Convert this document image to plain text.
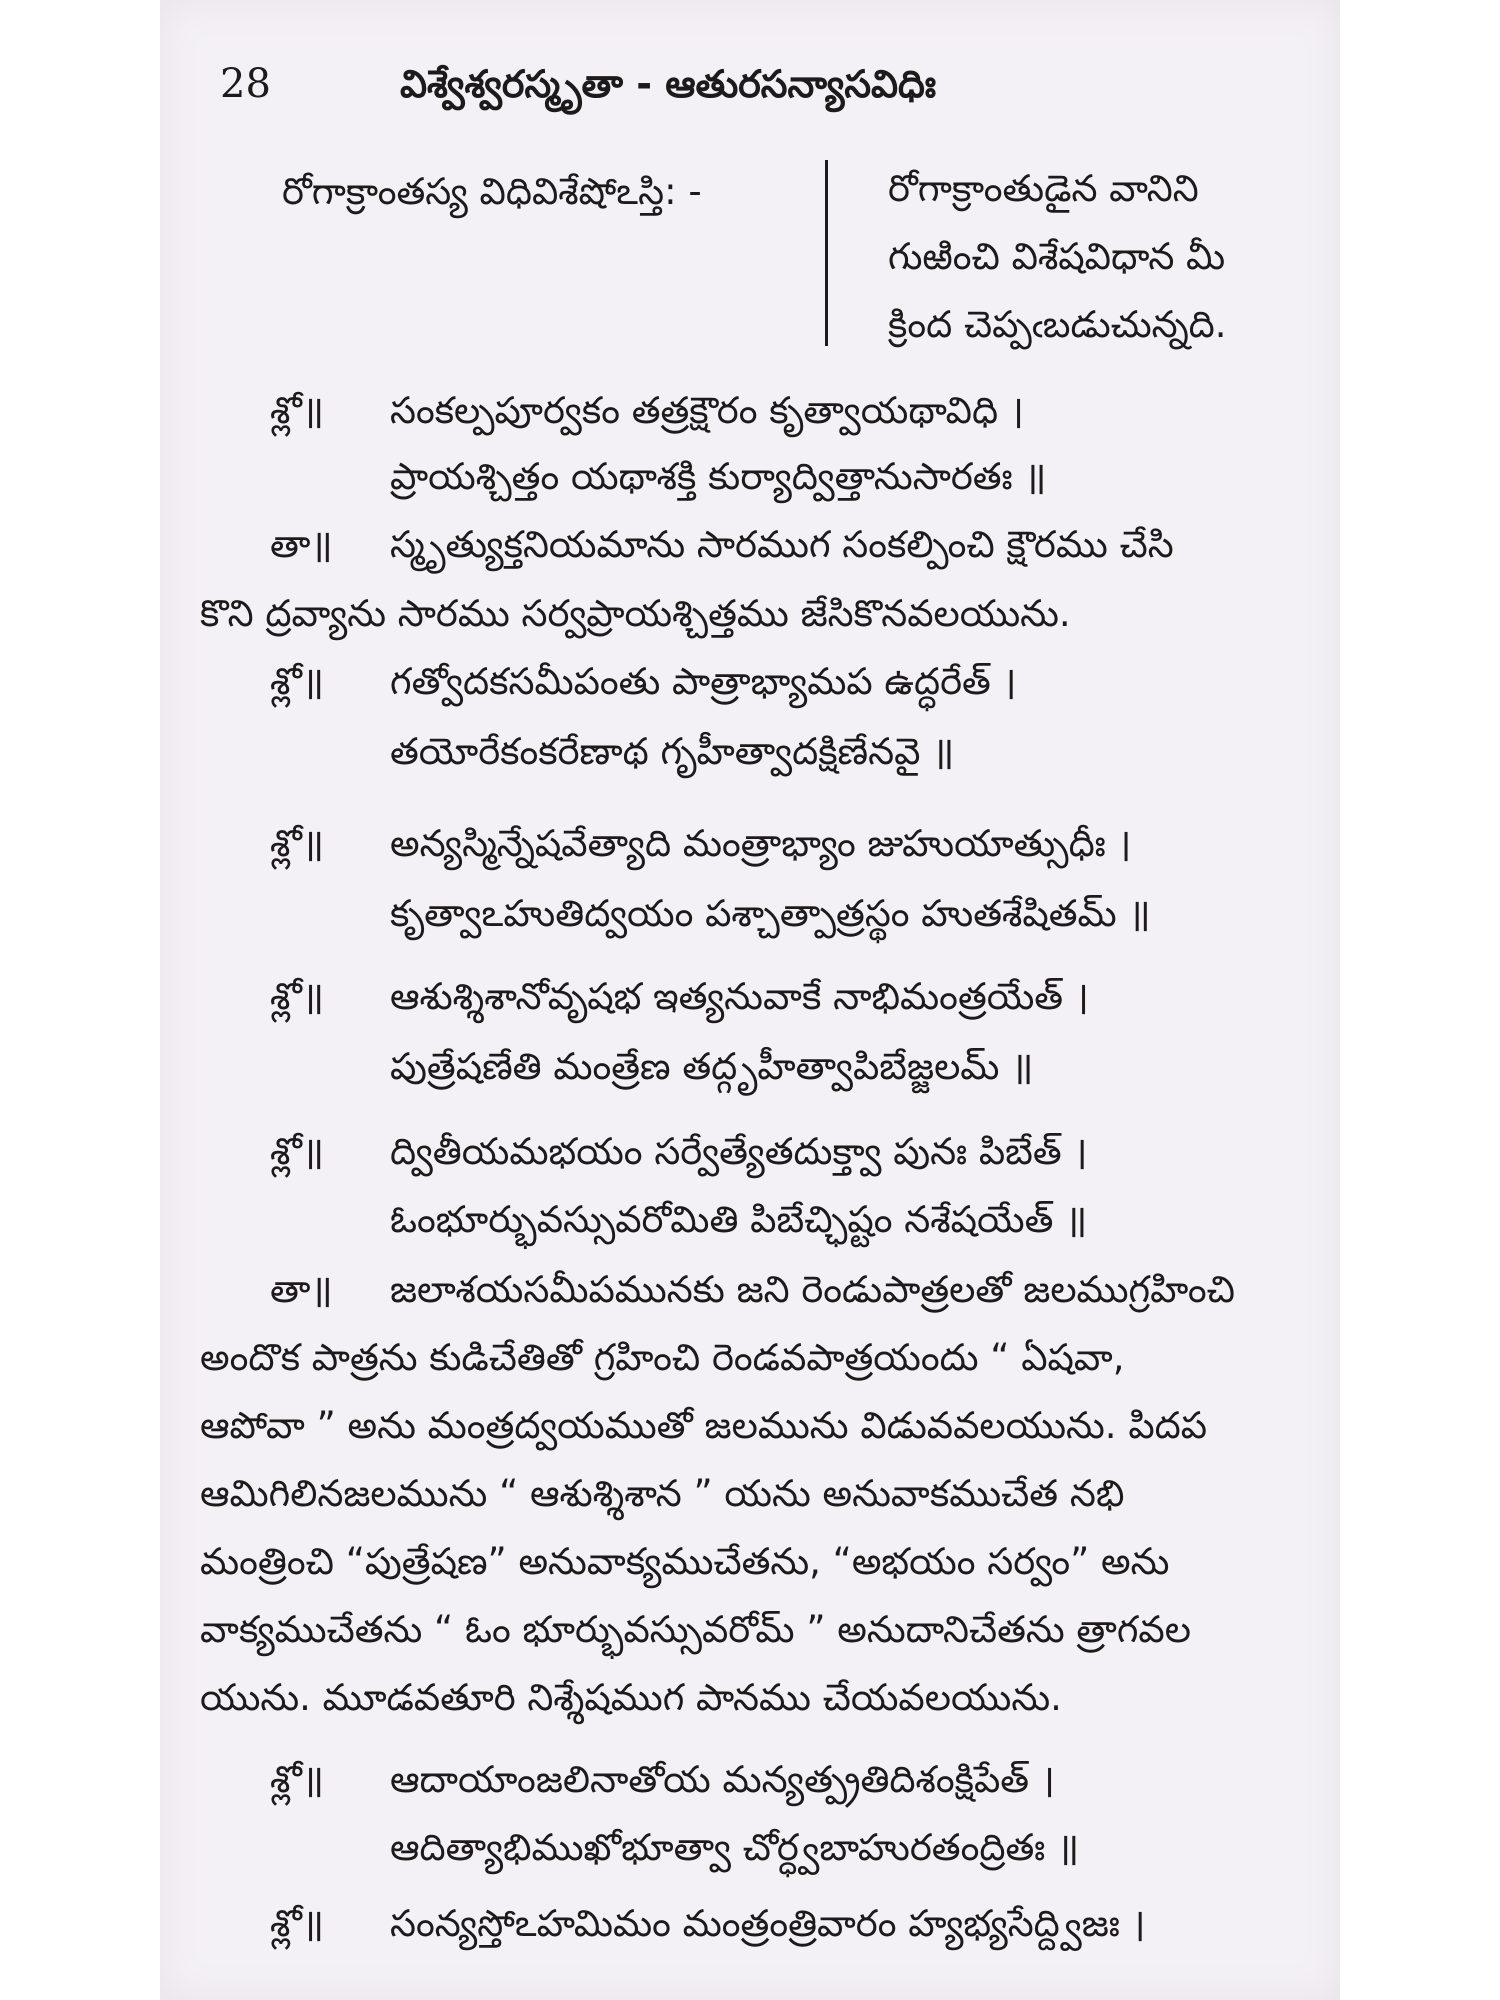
28	విశ్వేశ్వరస్మృతా - ఆతురసన్యాసవిధిః
రోగాక్రాంతస్య విధివిశేషోఽస్తి: -	రోగాక్రాంతుడైన వానిని
గుఱించి విశేషవిధాన మీ
క్రింద చెప్పఁబడుచున్నది.
శ్లో॥ సంకల్పపూర్వకం తత్రక్షౌరం కృత్వాయథావిధి ।
ప్రాయశ్చిత్తం యథాశక్తి కుర్యాద్విత్తానుసారతః ॥
తా॥ స్మృత్యుక్తనియమాను సారముగ సంకల్పించి క్షౌరము చేసి
కొని ద్రవ్యాను సారము సర్వప్రాయశ్చిత్తము జేసికొనవలయును.
శ్లో॥ గత్వోదకసమీపంతు పాత్రాభ్యామప ఉద్ధరేత్ ।
తయోరేకంకరేణాథ గృహీత్వాదక్షిణేనవై ॥
శ్లో॥ అన్యస్మిన్నేషవేత్యాది మంత్రాభ్యాం జుహుయాత్సుధీః ।
కృత్వాఽహుతిద్వయం పశ్చాత్పాత్రస్థం హుతశేషితమ్ ॥
శ్లో॥ ఆశుశ్శిశానోవృషభ ఇత్యనువాకే నాభిమంత్రయేత్ ।
పుత్రేషణేతి మంత్రేణ తద్గృహీత్వాపిబేజ్జలమ్ ॥
శ్లో॥ ద్వితీయమభయం సర్వేత్యేతదుక్త్వా పునః పిబేత్ ।
ఓంభూర్భువస్సువరోమితి పిబేచ్ఛిష్టం నశేషయేత్ ॥
తా॥ జలాశయసమీపమునకు జని రెండుపాత్రలతో జలముగ్రహించి
అందొక పాత్రను కుడిచేతితో గ్రహించి రెండవపాత్రయందు “ ఏషవా,
ఆపోవా ” అను మంత్రద్వయముతో జలమును విడువవలయును. పిదప
ఆమిగిలినజలమును “ ఆశుశ్శిశాన ” యను అనువాకముచేత నభి
మంత్రించి “పుత్రేషణ” అనువాక్యముచేతను, “అభయం సర్వం” అను
వాక్యముచేతను “ ఓం భూర్భువస్సువరోమ్ ” అనుదానిచేతను త్రాగవల
యును. మూడవతూరి నిశ్శేషముగ పానము చేయవలయును.
శ్లో॥ ఆదాయాంజలినాతోయ మన్యత్ప్రతిదిశంక్షిపేత్ ।
ఆదిత్యాభిముఖోభూత్వా చోర్ధ్వబాహురతంద్రితః ॥
శ్లో॥ సంన్యస్తోఽహమిమం మంత్రంత్రివారం హ్యభ్యసేద్ద్విజః ।
